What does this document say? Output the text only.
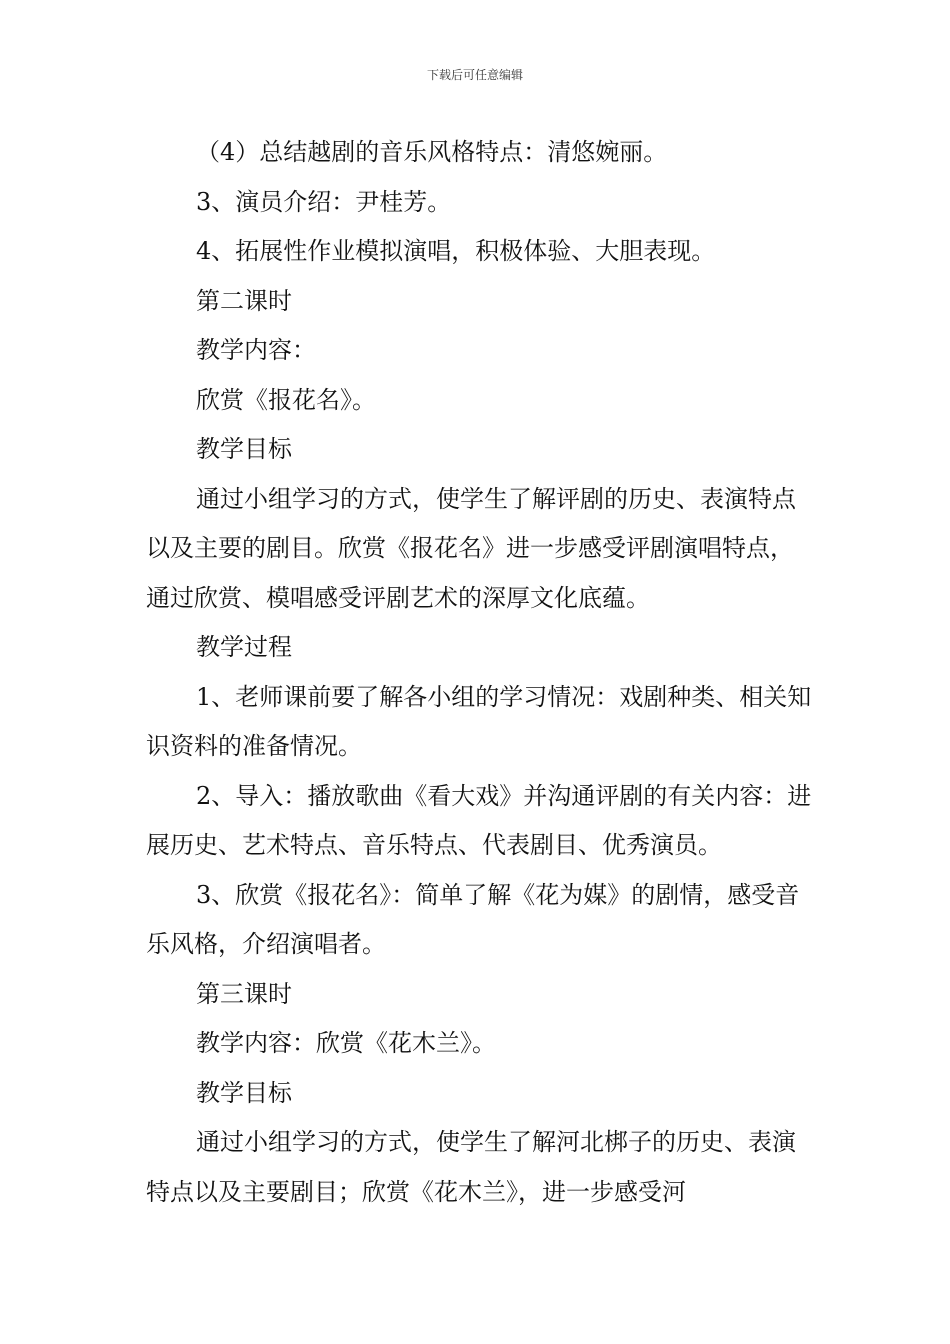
下载后可任意编辑

（4）总结越剧的音乐风格特点：清悠婉丽。

3、演员介绍：尹桂芳。

4、拓展性作业模拟演唱，积极体验、大胆表现。

第二课时

教学内容：

欣赏《报花名》。

教学目标

通过小组学习的方式，使学生了解评剧的历史、表演特点以及主要的剧目。欣赏《报花名》进一步感受评剧演唱特点，通过欣赏、模唱感受评剧艺术的深厚文化底蕴。

教学过程

1、老师课前要了解各小组的学习情况：戏剧种类、相关知识资料的准备情况。

2、导入：播放歌曲《看大戏》并沟通评剧的有关内容：进展历史、艺术特点、音乐特点、代表剧目、优秀演员。

3、欣赏《报花名》：简单了解《花为媒》的剧情，感受音乐风格，介绍演唱者。

第三课时

教学内容：欣赏《花木兰》。

教学目标

通过小组学习的方式，使学生了解河北梆子的历史、表演特点以及主要剧目；欣赏《花木兰》，进一步感受河
